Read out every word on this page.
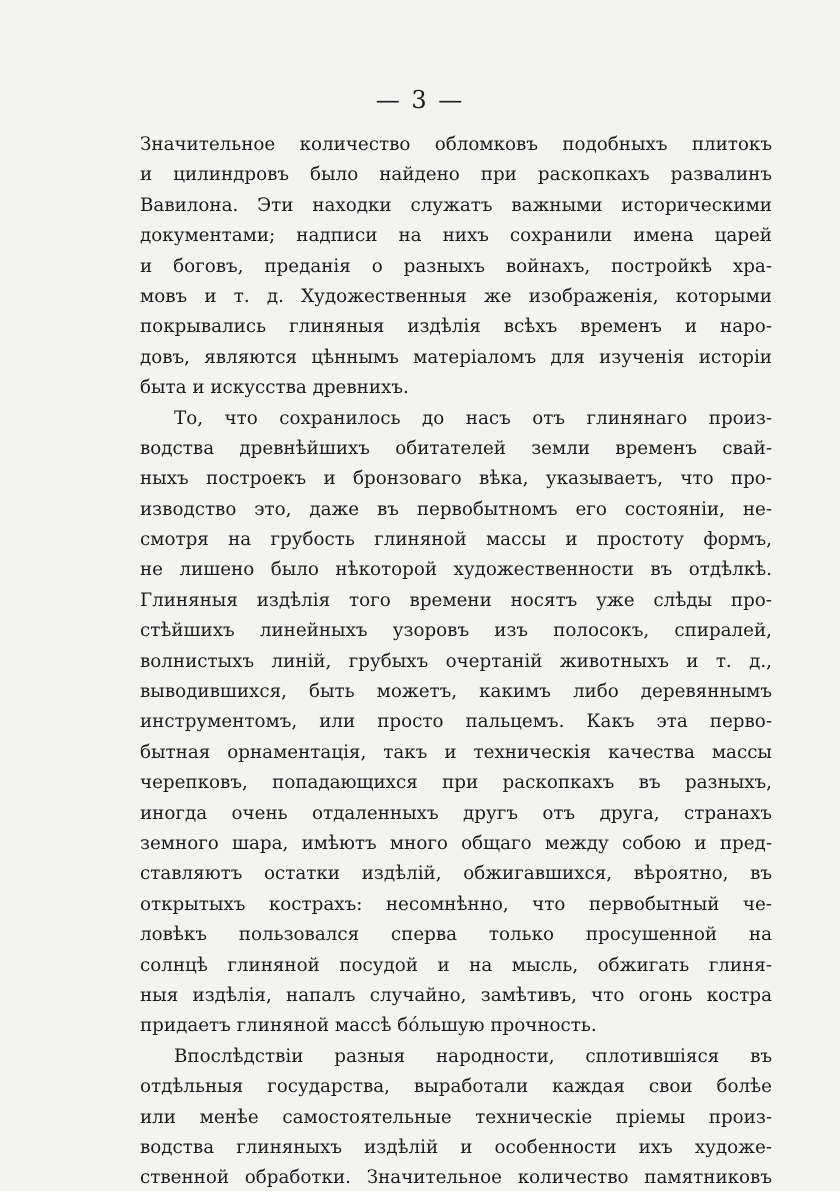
— 3 —
Значительное количество обломковъ подобныхъ плитокъ
и цилиндровъ было найдено при раскопкахъ развалинъ
Вавилона. Эти находки служатъ важными историческими
документами; надписи на нихъ сохранили имена царей
и боговъ, преданія о разныхъ войнахъ, постройкѣ хра-
мовъ и т. д. Художественныя же изображенія, которыми
покрывались глиняныя издѣлія всѣхъ временъ и наро-
довъ, являются цѣннымъ матеріаломъ для изученія исторіи
быта и искусства древнихъ.
То, что сохранилось до насъ отъ глинянаго произ-
водства древнѣйшихъ обитателей земли временъ свай-
ныхъ построекъ и бронзоваго вѣка, указываетъ, что про-
изводство это, даже въ первобытномъ его состояніи, не-
смотря на грубость глиняной массы и простоту формъ,
не лишено было нѣкоторой художественности въ отдѣлкѣ.
Глиняныя издѣлія того времени носятъ уже слѣды про-
стѣйшихъ линейныхъ узоровъ изъ полосокъ, спиралей,
волнистыхъ линій, грубыхъ очертаній животныхъ и т. д.,
выводившихся, быть можетъ, какимъ либо деревяннымъ
инструментомъ, или просто пальцемъ. Какъ эта перво-
бытная орнаментація, такъ и техническія качества массы
черепковъ, попадающихся при раскопкахъ въ разныхъ,
иногда очень отдаленныхъ другъ отъ друга, странахъ
земного шара, имѣютъ много общаго между собою и пред-
ставляютъ остатки издѣлій, обжигавшихся, вѣроятно, въ
открытыхъ кострахъ: несомнѣнно, что первобытный че-
ловѣкъ пользовался сперва только просушенной на
солнцѣ глиняной посудой и на мысль, обжигать глиня-
ныя издѣлія, напалъ случайно, замѣтивъ, что огонь костра
придаетъ глиняной массѣ бо́льшую прочность.
Впослѣдствіи разныя народности, сплотившіяся въ
отдѣльныя государства, выработали каждая свои болѣе
или менѣе самостоятельные техническіе пріемы произ-
водства глиняныхъ издѣлій и особенности ихъ художе-
ственной обработки. Значительное количество памятниковъ
